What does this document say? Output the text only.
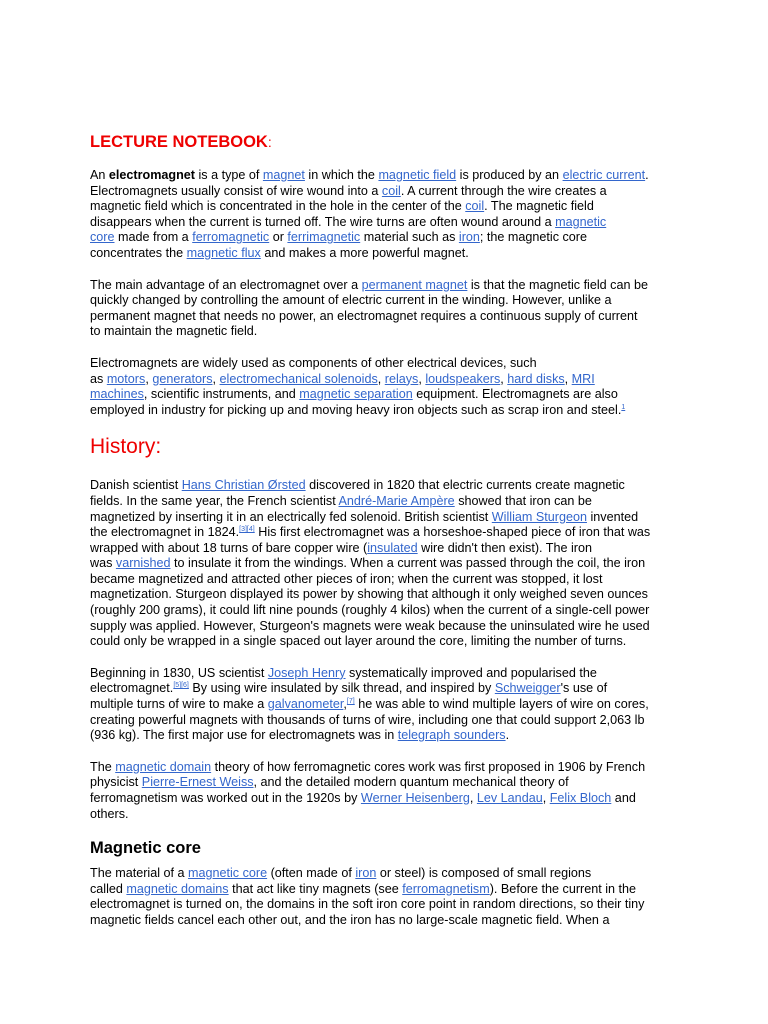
LECTURE NOTEBOOK:

An electromagnet is a type of magnet in which the magnetic field is produced by an electric current.
Electromagnets usually consist of wire wound into a coil. A current through the wire creates a
magnetic field which is concentrated in the hole in the center of the coil. The magnetic field
disappears when the current is turned off. The wire turns are often wound around a magnetic
core made from a ferromagnetic or ferrimagnetic material such as iron; the magnetic core
concentrates the magnetic flux and makes a more powerful magnet.

The main advantage of an electromagnet over a permanent magnet is that the magnetic field can be
quickly changed by controlling the amount of electric current in the winding. However, unlike a
permanent magnet that needs no power, an electromagnet requires a continuous supply of current
to maintain the magnetic field.

Electromagnets are widely used as components of other electrical devices, such
as motors, generators, electromechanical solenoids, relays, loudspeakers, hard disks, MRI
machines, scientific instruments, and magnetic separation equipment. Electromagnets are also
employed in industry for picking up and moving heavy iron objects such as scrap iron and steel.$^1$

History:

Danish scientist Hans Christian Ørsted discovered in 1820 that electric currents create magnetic
fields. In the same year, the French scientist André-Marie Ampère showed that iron can be
magnetized by inserting it in an electrically fed solenoid. British scientist William Sturgeon invented
the electromagnet in 1824.[3][4] His first electromagnet was a horseshoe-shaped piece of iron that was
wrapped with about 18 turns of bare copper wire (insulated wire didn't then exist). The iron
was varnished to insulate it from the windings. When a current was passed through the coil, the iron
became magnetized and attracted other pieces of iron; when the current was stopped, it lost
magnetization. Sturgeon displayed its power by showing that although it only weighed seven ounces
(roughly 200 grams), it could lift nine pounds (roughly 4 kilos) when the current of a single-cell power
supply was applied. However, Sturgeon's magnets were weak because the uninsulated wire he used
could only be wrapped in a single spaced out layer around the core, limiting the number of turns.

Beginning in 1830, US scientist Joseph Henry systematically improved and popularised the
electromagnet.[5][6] By using wire insulated by silk thread, and inspired by Schweigger's use of
multiple turns of wire to make a galvanometer,[7] he was able to wind multiple layers of wire on cores,
creating powerful magnets with thousands of turns of wire, including one that could support 2,063 lb
(936 kg). The first major use for electromagnets was in telegraph sounders.

The magnetic domain theory of how ferromagnetic cores work was first proposed in 1906 by French
physicist Pierre-Ernest Weiss, and the detailed modern quantum mechanical theory of
ferromagnetism was worked out in the 1920s by Werner Heisenberg, Lev Landau, Felix Bloch and
others.

Magnetic core

The material of a magnetic core (often made of iron or steel) is composed of small regions
called magnetic domains that act like tiny magnets (see ferromagnetism). Before the current in the
electromagnet is turned on, the domains in the soft iron core point in random directions, so their tiny
magnetic fields cancel each other out, and the iron has no large-scale magnetic field. When a
